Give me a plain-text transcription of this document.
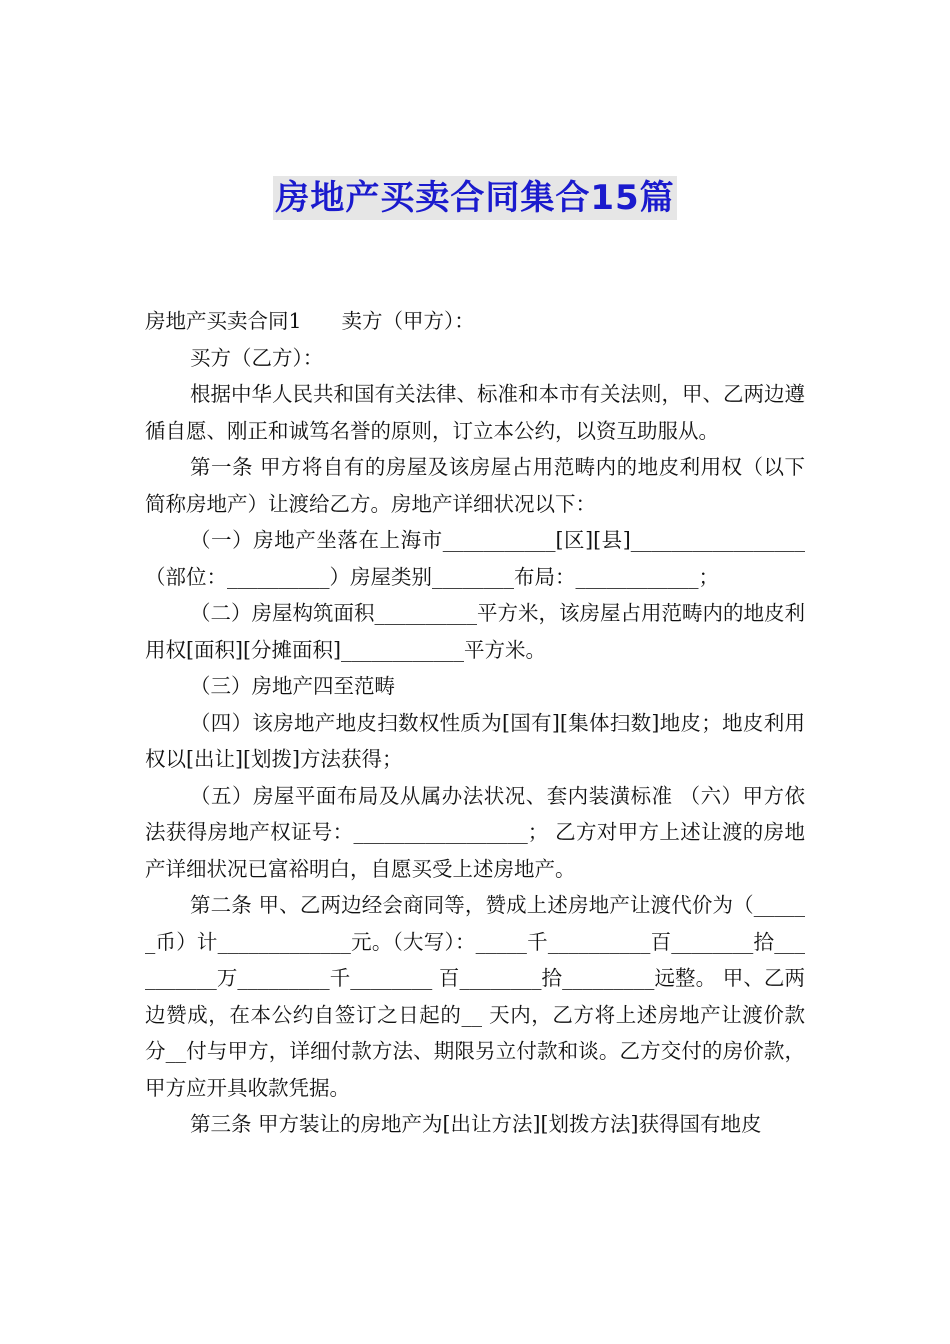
房地产买卖合同集合15篇

房地产买卖合同1 卖方（甲方）：

买方（乙方）：

根据中华人民共和国有关法律、标准和本市有关法则，甲、乙两边遵循自愿、刚正和诚笃名誉的原则，订立本公约，以资互助服从。

第一条 甲方将自有的房屋及该房屋占用范畴内的地皮利用权（以下简称房地产）让渡给乙方。房地产详细状况以下：

（一）房地产坐落在上海市___________[区][县]_________________（部位：__________）房屋类别________布局：____________；

（二）房屋构筑面积__________平方米，该房屋占用范畴内的地皮利用权[面积][分摊面积]____________平方米。

（三）房地产四至范畴

（四）该房地产地皮扫数权性质为[国有][集体扫数]地皮；地皮利用权以[出让][划拨]方法获得；

（五）房屋平面布局及从属办法状况、套内装潢标准 （六）甲方依法获得房地产权证号：_________________； 乙方对甲方上述让渡的房地产详细状况已富裕明白，自愿买受上述房地产。

第二条 甲、乙两边经会商同等，赞成上述房地产让渡代价为（______币）计_____________元。（大写）：_____千__________百________拾__________万_________千________ 百________拾_________远整。 甲、乙两边赞成，在本公约自签订之日起的__ 天内，乙方将上述房地产让渡价款分__付与甲方，详细付款方法、期限另立付款和谈。乙方交付的房价款，甲方应开具收款凭据。

第三条 甲方装让的房地产为[出让方法][划拨方法]获得国有地皮
